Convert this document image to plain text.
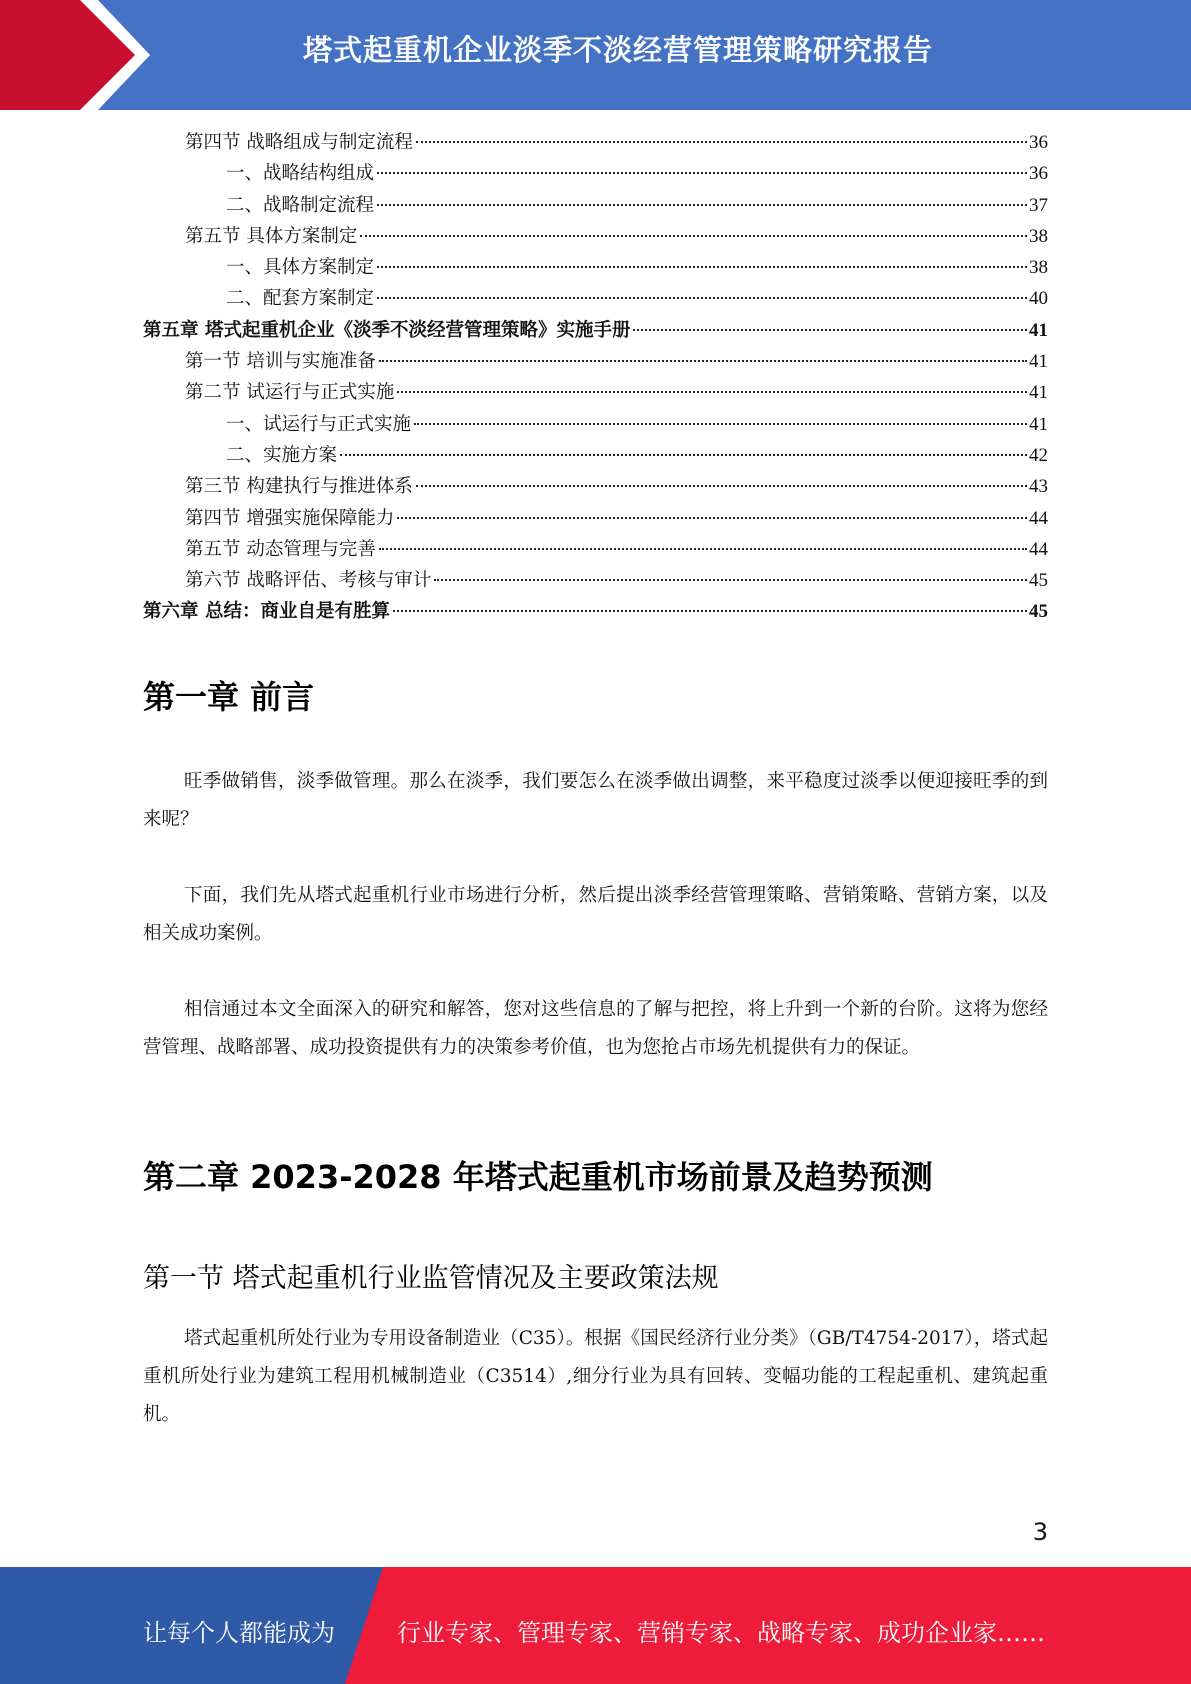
塔式起重机企业淡季不淡经营管理策略研究报告
第四节 战略组成与制定流程	36
一、战略结构组成	36
二、战略制定流程	37
第五节 具体方案制定	38
一、具体方案制定	38
二、配套方案制定	40
第五章 塔式起重机企业《淡季不淡经营管理策略》实施手册	41
第一节 培训与实施准备	41
第二节 试运行与正式实施	41
一、试运行与正式实施	41
二、实施方案	42
第三节 构建执行与推进体系	43
第四节 增强实施保障能力	44
第五节 动态管理与完善	44
第六节 战略评估、考核与审计	45
第六章 总结：商业自是有胜算	45
第一章 前言
旺季做销售，淡季做管理。那么在淡季，我们要怎么在淡季做出调整，来平稳度过淡季以便迎接旺季的到来呢？
下面，我们先从塔式起重机行业市场进行分析，然后提出淡季经营管理策略、营销策略、营销方案，以及相关成功案例。
相信通过本文全面深入的研究和解答，您对这些信息的了解与把控，将上升到一个新的台阶。这将为您经营管理、战略部署、成功投资提供有力的决策参考价值，也为您抢占市场先机提供有力的保证。
第二章 2023-2028 年塔式起重机市场前景及趋势预测
第一节 塔式起重机行业监管情况及主要政策法规
塔式起重机所处行业为专用设备制造业（C35）。根据《国民经济行业分类》（GB/T4754-2017），塔式起重机所处行业为建筑工程用机械制造业（C3514）,细分行业为具有回转、变幅功能的工程起重机、建筑起重机。
3
让每个人都能成为	行业专家、管理专家、营销专家、战略专家、成功企业家……
